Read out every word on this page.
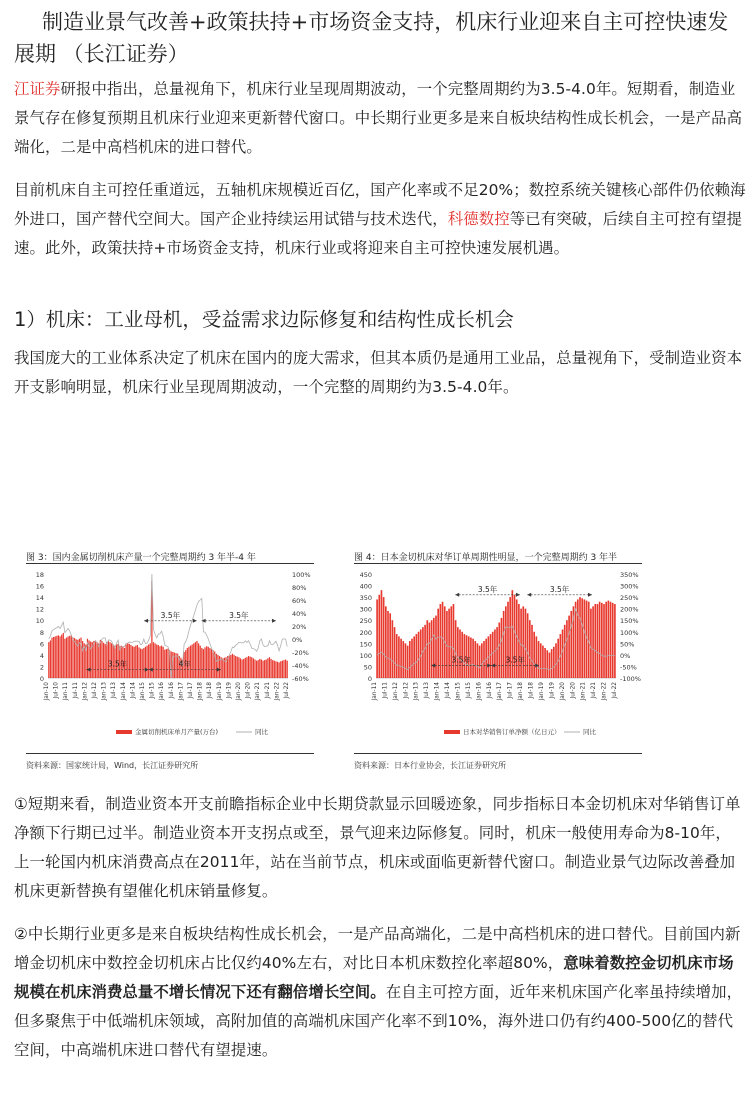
制造业景气改善+政策扶持+市场资金支持，机床行业迎来自主可控快速发展期 （长江证券）
江证券研报中指出，总量视角下，机床行业呈现周期波动，一个完整周期约为3.5-4.0年。短期看，制造业景气存在修复预期且机床行业迎来更新替代窗口。中长期行业更多是来自板块结构性成长机会，一是产品高端化，二是中高档机床的进口替代。
目前机床自主可控任重道远，五轴机床规模近百亿，国产化率或不足20%；数控系统关键核心部件仍依赖海外进口，国产替代空间大。国产企业持续运用试错与技术迭代，科德数控等已有突破，后续自主可控有望提速。此外，政策扶持+市场资金支持，机床行业或将迎来自主可控快速发展机遇。
1）机床：工业母机，受益需求边际修复和结构性成长机会
我国庞大的工业体系决定了机床在国内的庞大需求，但其本质仍是通用工业品，总量视角下，受制造业资本开支影响明显，机床行业呈现周期波动，一个完整的周期约为3.5-4.0年。
图 3：国内金属切削机床产量一个完整周期约 3 年半-4 年
18
16
14
12
10
8
6
4
2
0
100%
80%
60%
40%
20%
0%
-20%
-40%
-60%
Jan-10 Jul-10 Jan-11 Jul-11 Jan-12 Jul-12 Jan-13 Jul-13 Jan-14 Jul-14 Jan-15 Jul-15 Jan-16 Jul-16 Jan-17 Jul-17 Jan-18 Jul-18 Jan-19 Jul-19 Jan-20 Jul-20 Jan-21 Jul-21 Jan-22 Jul-22
3.5年	3.5年
3.5年	4年
金属切削机床单月产量(万台)	同比
资料来源：国家统计局，Wind，长江证券研究所
图 4：日本金切机床对华订单周期性明显，一个完整周期约 3 年半
450
400
350
300
250
200
150
100
50
0
350%
300%
250%
200%
150%
100%
50%
0%
-50%
-100%
Jan-11 Jul-11 Jan-12 Jul-12 Jan-13 Jul-13 Jan-14 Jul-14 Jan-15 Jul-15 Jan-16 Jul-16 Jan-17 Jul-17 Jan-18 Jul-18 Jan-19 Jul-19 Jan-20 Jul-20 Jan-21 Jul-21 Jan-22 Jul-22
3.5年	3.5年
3.5年	3.5年
日本对华销售订单净额（亿日元）	同比
资料来源：日本行业协会，长江证券研究所
①短期来看，制造业资本开支前瞻指标企业中长期贷款显示回暖迹象，同步指标日本金切机床对华销售订单净额下行期已过半。制造业资本开支拐点或至，景气迎来边际修复。同时，机床一般使用寿命为8-10年，上一轮国内机床消费高点在2011年，站在当前节点，机床或面临更新替代窗口。制造业景气边际改善叠加机床更新替换有望催化机床销量修复。
②中长期行业更多是来自板块结构性成长机会，一是产品高端化，二是中高档机床的进口替代。目前国内新增金切机床中数控金切机床占比仅约40%左右，对比日本机床数控化率超80%，意味着数控金切机床市场规模在机床消费总量不增长情况下还有翻倍增长空间。在自主可控方面，近年来机床国产化率虽持续增加，但多聚焦于中低端机床领域，高附加值的高端机床国产化率不到10%，海外进口仍有约400-500亿的替代空间，中高端机床进口替代有望提速。
